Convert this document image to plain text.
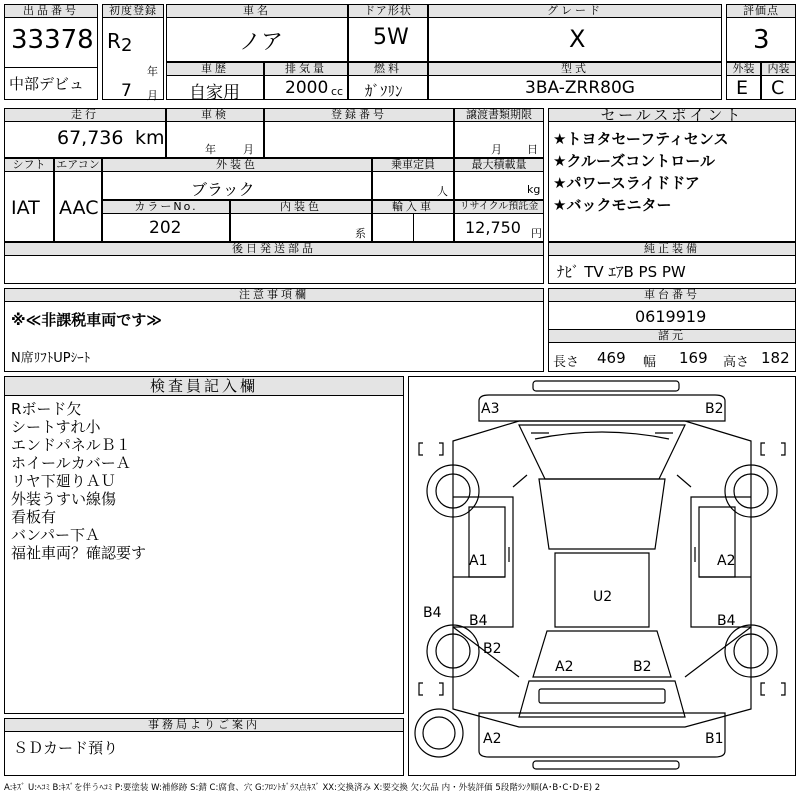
出品番号
33378
中部デビュ
初度登録
R 2
年
7 月
車名
ノア
ドア形状
5W
グレード
X
評価点
3
車歴
自家用
排気量
2000 cc
燃料
ｶﾞｿﾘﾝ
型式
3BA-ZRR80G
外装
E
内装
C
走行
67,736 km
車検
年 月
登録番号	譲渡書類期限
月 日
シフト
IAT
エアコン
AAC
外装色
ブラック
乗車定員
人
最大積載量
kg
カラーNo.
202
内装色
系
輸入車	リサイクル預託金
12,750 円
後日発送部品
セールスポイント
★トヨタセーフティセンス
★クルーズコントロール
★パワースライドドア
★バックモニター
純正装備
ﾅﾋﾞ TV ｴｱB PS PW
注意事項欄
※≪非課税車両です≫
N席ﾘﾌﾄUPｼｰﾄ
車台番号
0619919
諸元
長さ 469 幅 169 高さ 182
検査員記入欄
Rボード欠
シートすれ小
エンドパネルＢ１
ホイールカバーＡ
リヤ下廻りＡＵ
外装うすい線傷
看板有
バンパー下Ａ
福祉車両？確認要す
事務局よりご案内
ＳＤカード預り
A3	B2
A1	A2
B4 B4	B4
U2
B2
A2	B2
A2	B1
A:ｷｽﾞ U:ﾍｺﾐ B:ｷｽﾞを伴うﾍｺﾐ P:要塗装 W:補修跡 S:錆 C:腐食、穴 G:ﾌﾛﾝﾄｶﾞﾗｽ点ｷｽﾞ XX:交換済み X:要交換 欠:欠品 内・外装評価 5段階ﾗﾝｸ順(A･B･C･D･E) 2
